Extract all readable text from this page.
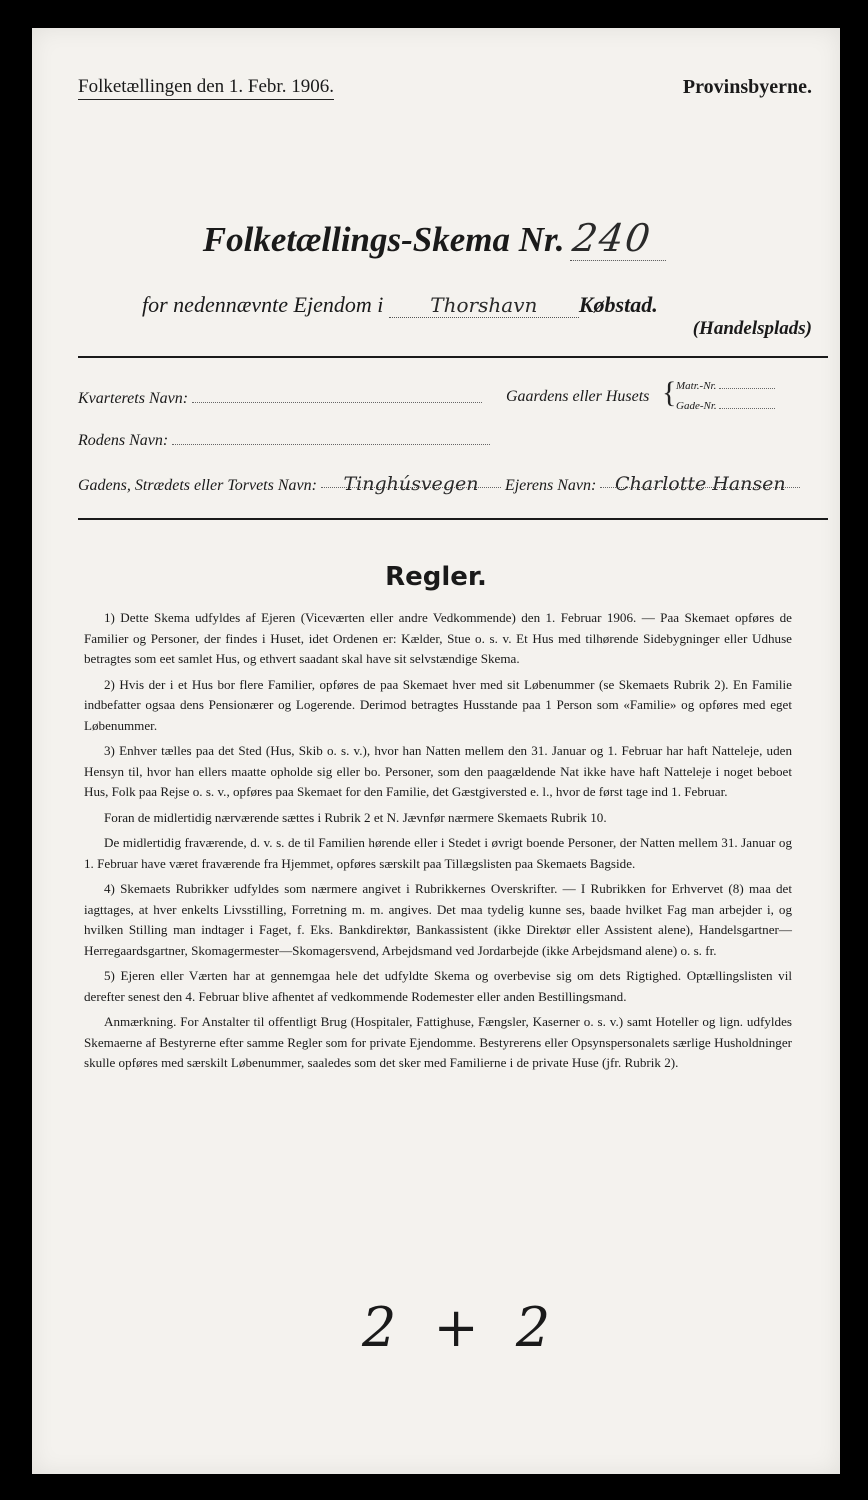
Folketællingen den 1. Febr. 1906.	Provinsbyerne.
Folketællings-Skema Nr. 240
for nedennævnte Ejendom i Thorshavn Købstad.
(Handelsplads)
Kvarterets Navn:	Gaardens eller Husets { Matr.-Nr.
Gade-Nr.
Rodens Navn:
Gadens, Strædets eller Torvets Navn: Tinghúsvegen Ejerens Navn: Charlotte Hansen
Regler.

1) Dette Skema udfyldes af Ejeren (Viceværten eller andre Vedkommende) den 1. Februar 1906. — Paa Skemaet opføres de Familier og Personer, der findes i Huset, idet Ordenen er: Kælder, Stue o. s. v. Et Hus med tilhørende Sidebygninger eller Udhuse betragtes som eet samlet Hus, og ethvert saadant skal have sit selvstændige Skema.

2) Hvis der i et Hus bor flere Familier, opføres de paa Skemaet hver med sit Løbenummer (se Skemaets Rubrik 2). En Familie indbefatter ogsaa dens Pensionærer og Logerende. Derimod betragtes Husstande paa 1 Person som «Familie» og opføres med eget Løbenummer.

3) Enhver tælles paa det Sted (Hus, Skib o. s. v.), hvor han Natten mellem den 31. Januar og 1. Februar har haft Natteleje, uden Hensyn til, hvor han ellers maatte opholde sig eller bo. Personer, som den paagældende Nat ikke have haft Natteleje i noget beboet Hus, Folk paa Rejse o. s. v., opføres paa Skemaet for den Familie, det Gæstgiversted e. l., hvor de først tage ind 1. Februar.

Foran de midlertidig nærværende sættes i Rubrik 2 et N. Jævnfør nærmere Skemaets Rubrik 10.

De midlertidig fraværende, d. v. s. de til Familien hørende eller i Stedet i øvrigt boende Personer, der Natten mellem 31. Januar og 1. Februar have været fraværende fra Hjemmet, opføres særskilt paa Tillægslisten paa Skemaets Bagside.

4) Skemaets Rubrikker udfyldes som nærmere angivet i Rubrikkernes Overskrifter. — I Rubrikken for Erhvervet (8) maa det iagttages, at hver enkelts Livsstilling, Forretning m. m. angives. Det maa tydelig kunne ses, baade hvilket Fag man arbejder i, og hvilken Stilling man indtager i Faget, f. Eks. Bankdirektør, Bankassistent (ikke Direktør eller Assistent alene), Handelsgartner— Herregaardsgartner, Skomagermester—Skomagersvend, Arbejdsmand ved Jordarbejde (ikke Arbejdsmand alene) o. s. fr.

5) Ejeren eller Værten har at gennemgaa hele det udfyldte Skema og overbevise sig om dets Rigtighed. Optællingslisten vil derefter senest den 4. Februar blive afhentet af vedkommende Rodemester eller anden Bestillingsmand.

Anmærkning. For Anstalter til offentligt Brug (Hospitaler, Fattighuse, Fængsler, Kaserner o. s. v.) samt Hoteller og lign. udfyldes Skemaerne af Bestyrerne efter samme Regler som for private Ejendomme. Bestyrerens eller Opsynspersonalets særlige Husholdninger skulle opføres med særskilt Løbenummer, saaledes som det sker med Familierne i de private Huse (jfr. Rubrik 2).

2 + 2
